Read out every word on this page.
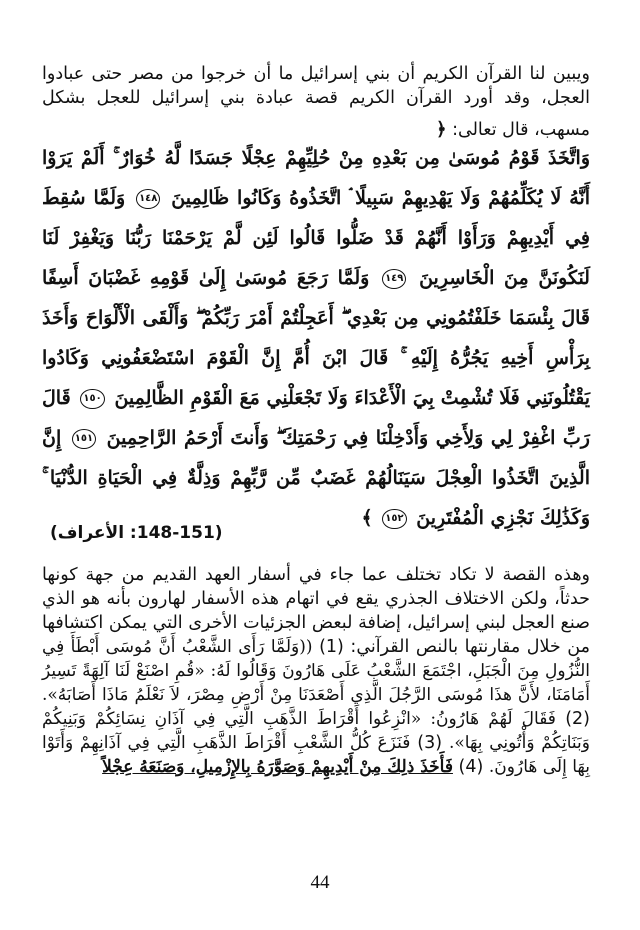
ويبين لنا القرآن الكريم أن بني إسرائيل ما أن خرجوا من مصر حتى عبادوا العجل، وقد أورد القرآن الكريم قصة عبادة بني إسرائيل للعجل بشكل مسهب، قال تعالى: ﴿

وَاتَّخَذَ قَوْمُ مُوسَىٰ مِن بَعْدِهِ مِنْ حُلِيِّهِمْ عِجْلًا جَسَدًا لَّهُ خُوَارٌ ۚ أَلَمْ يَرَوْا أَنَّهُ لَا يُكَلِّمُهُمْ وَلَا يَهْدِيهِمْ سَبِيلًا ۘ اتَّخَذُوهُ وَكَانُوا ظَالِمِينَ ١٤٨ وَلَمَّا سُقِطَ فِي أَيْدِيهِمْ وَرَأَوْا أَنَّهُمْ قَدْ ضَلُّوا قَالُوا لَئِن لَّمْ يَرْحَمْنَا رَبُّنَا وَيَغْفِرْ لَنَا لَنَكُونَنَّ مِنَ الْخَاسِرِينَ ١٤٩ وَلَمَّا رَجَعَ مُوسَىٰ إِلَىٰ قَوْمِهِ غَضْبَانَ أَسِفًا قَالَ بِئْسَمَا خَلَفْتُمُونِي مِن بَعْدِي ۖ أَعَجِلْتُمْ أَمْرَ رَبِّكُمْ ۖ وَأَلْقَى الْأَلْوَاحَ وَأَخَذَ بِرَأْسِ أَخِيهِ يَجُرُّهُ إِلَيْهِ ۚ قَالَ ابْنَ أُمَّ إِنَّ الْقَوْمَ اسْتَضْعَفُونِي وَكَادُوا يَقْتُلُونَنِي فَلَا تُشْمِتْ بِيَ الْأَعْدَاءَ وَلَا تَجْعَلْنِي مَعَ الْقَوْمِ الظَّالِمِينَ ١٥٠ قَالَ رَبِّ اغْفِرْ لِي وَلِأَخِي وَأَدْخِلْنَا فِي رَحْمَتِكَ ۖ وَأَنتَ أَرْحَمُ الرَّاحِمِينَ ١٥١ إِنَّ الَّذِينَ اتَّخَذُوا الْعِجْلَ سَيَنَالُهُمْ غَضَبٌ مِّن رَّبِّهِمْ وَذِلَّةٌ فِي الْحَيَاةِ الدُّنْيَا ۚ وَكَذَٰلِكَ نَجْزِي الْمُفْتَرِينَ ١٥٢ ﴾
(148-151: الأعراف)

وهذه القصة لا تكاد تختلف عما جاء في أسفار العهد القديم من جهة كونها حدثاً، ولكن الاختلاف الجذري يقع في اتهام هذه الأسفار لهارون بأنه هو الذي صنع العجل لبني إسرائيل، إضافة لبعض الجزئيات الأخرى التي يمكن اكتشافها من خلال مقارنتها بالنص القرآني: (1) ((وَلَمَّا رَأَى الشَّعْبُ أَنَّ مُوسَى أَبْطَأَ فِي النُّزُولِ مِنَ الْجَبَلِ، اجْتَمَعَ الشَّعْبُ عَلَى هَارُونَ وَقَالُوا لَهُ: «قُمِ اصْنَعْ لَنَا آلِهَةً تَسِيرُ أَمَامَنَا، لأَنَّ هذَا مُوسَى الرَّجُلَ الَّذِي أَصْعَدَنَا مِنْ أَرْضِ مِصْرَ، لاَ نَعْلَمُ مَاذَا أَصَابَهُ». (2) فَقَالَ لَهُمْ هَارُونُ: «انْزِعُوا أَقْرَاطَ الذَّهَبِ الَّتِي فِي آذَانِ نِسَائِكُمْ وَبَنِيكُمْ وَبَنَاتِكُمْ وَأْتُونِي بِهَا». (3) فَنَزَعَ كُلُّ الشَّعْبِ أَقْرَاطَ الذَّهَبِ الَّتِي فِي آذَانِهِمْ وَأَتَوْا بِهَا إِلَى هَارُونَ. (4) فَأَخَذَ ذلِكَ مِنْ أَيْدِيهِمْ وَصَوَّرَهُ بِالإِزْمِيلِ، وَصَنَعَهُ عِجْلاً

44
